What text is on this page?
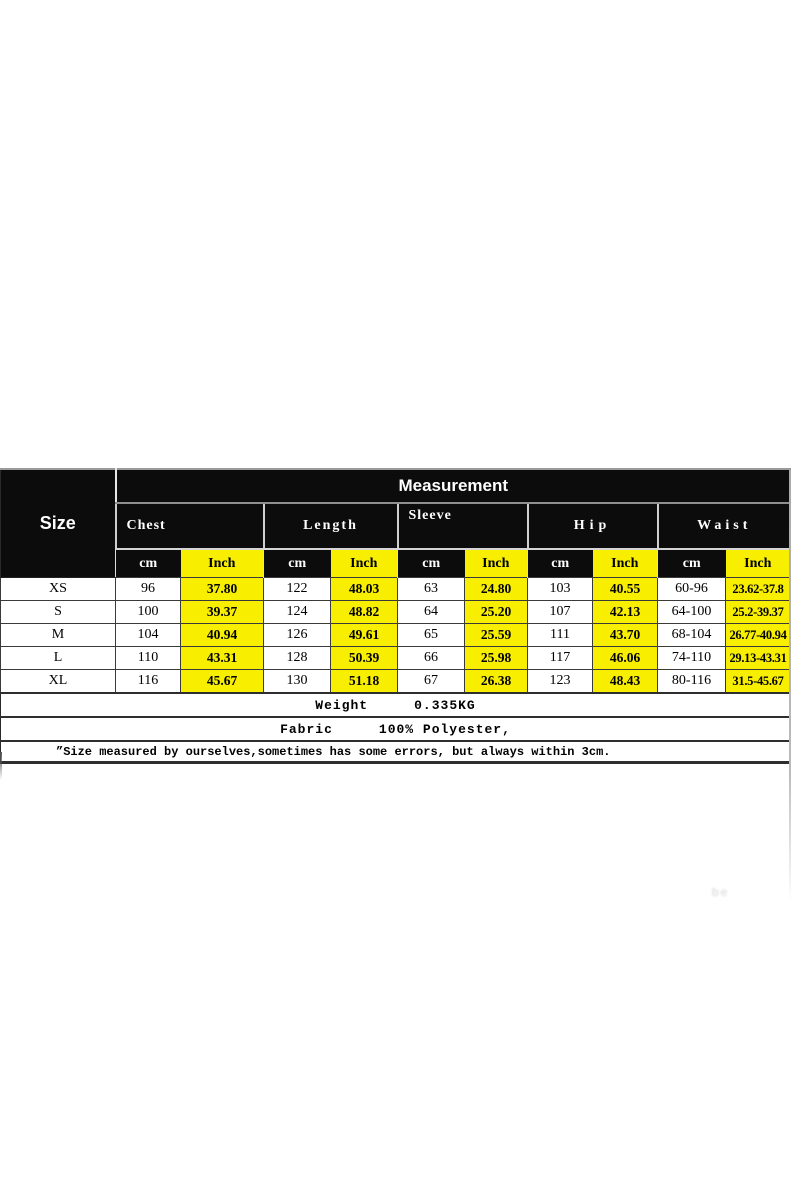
Size	Measurement									
	Chest		Length		Sleeve		Hip		Waist	
	cm	Inch	cm	Inch	cm	Inch	cm	Inch	cm	Inch
XS	96	37.80	122	48.03	63	24.80	103	40.55	60-96	23.62-37.8
S	100	39.37	124	48.82	64	25.20	107	42.13	64-100	25.2-39.37
M	104	40.94	126	49.61	65	25.59	111	43.70	68-104	26.77-40.94
L	110	43.31	128	50.39	66	25.98	117	46.06	74-110	29.13-43.31
XL	116	45.67	130	51.18	67	26.38	123	48.43	80-116	31.5-45.67
Weight 0.335KG										
Fabric 100% Polyester,										
”Size measured by ourselves,sometimes has some errors, but always within 3cm.										
be
